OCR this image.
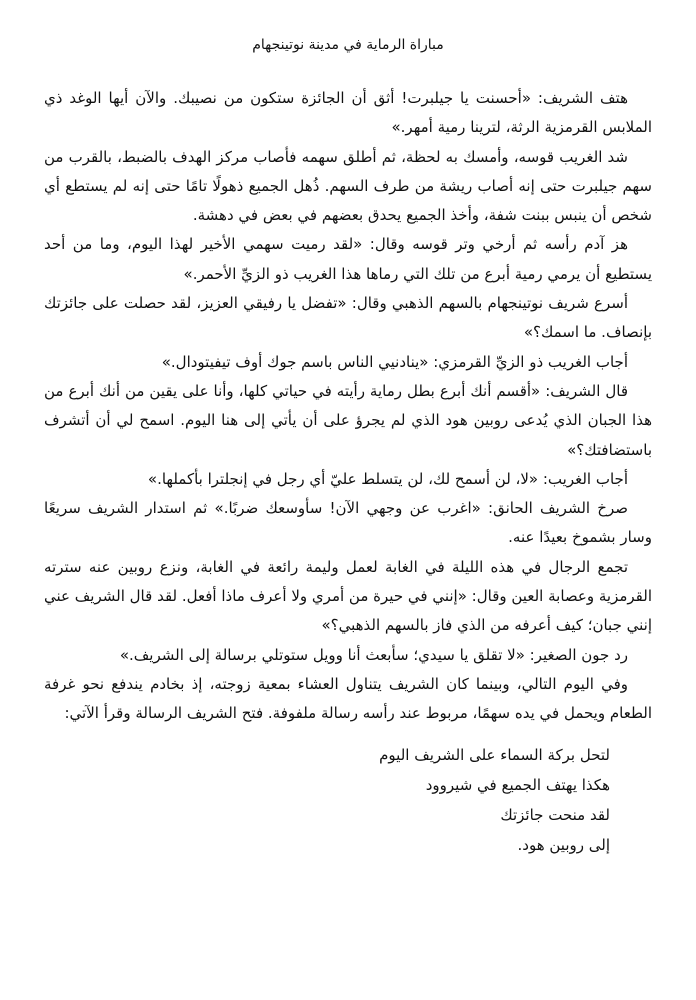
مباراة الرماية في مدينة نوتينجهام

هتف الشريف: «أحسنت يا جيلبرت! أثق أن الجائزة ستكون من نصيبك. والآن أيها الوغد ذي الملابس القرمزية الرثة، لترينا رمية أمهر.»

شد الغريب قوسه، وأمسك به لحظة، ثم أطلق سهمه فأصاب مركز الهدف بالضبط، بالقرب من سهم جيلبرت حتى إنه أصاب ريشة من طرف السهم. ذُهل الجميع ذهولًا تامًا حتى إنه لم يستطع أي شخص أن ينبس ببنت شفة، وأخذ الجميع يحدق بعضهم في بعض في دهشة.

هز آدم رأسه ثم أرخي وتر قوسه وقال: «لقد رميت سهمي الأخير لهذا اليوم، وما من أحد يستطيع أن يرمي رمية أبرع من تلك التي رماها هذا الغريب ذو الزيِّ الأحمر.»

أسرع شريف نوتينجهام بالسهم الذهبي وقال: «تفضل يا رفيقي العزيز، لقد حصلت على جائزتك بإنصاف. ما اسمك؟»

أجاب الغريب ذو الزيِّ القرمزي: «ينادنيي الناس باسم جوك أوف تيفيتودال.»

قال الشريف: «أقسم أنك أبرع بطل رماية رأيته في حياتي كلها، وأنا على يقين من أنك أبرع من هذا الجبان الذي يُدعى روبين هود الذي لم يجرؤ على أن يأتي إلى هنا اليوم. اسمح لي أن أتشرف باستضافتك؟»

أجاب الغريب: «لا، لن أسمح لك، لن يتسلط عليّ أي رجل في إنجلترا بأكملها.»

صرخ الشريف الحانق: «اغرب عن وجهي الآن! سأوسعك ضربًا.» ثم استدار الشريف سريعًا وسار بشموخ بعيدًا عنه.

تجمع الرجال في هذه الليلة في الغابة لعمل وليمة رائعة في الغابة، ونزع روبين عنه سترته القرمزية وعصابة العين وقال: «إنني في حيرة من أمري ولا أعرف ماذا أفعل. لقد قال الشريف عني إنني جبان؛ كيف أعرفه من الذي فاز بالسهم الذهبي؟»

رد جون الصغير: «لا تقلق يا سيدي؛ سأبعث أنا وويل ستوتلي برسالة إلى الشريف.»

وفي اليوم التالي، وبينما كان الشريف يتناول العشاء بمعية زوجته، إذ بخادم يندفع نحو غرفة الطعام ويحمل في يده سهمًا، مربوط عند رأسه رسالة ملفوفة. فتح الشريف الرسالة وقرأ الآتي:

لتحل بركة السماء على الشريف اليوم
هكذا يهتف الجميع في شيروود
لقد منحت جائزتك
إلى روبين هود.
